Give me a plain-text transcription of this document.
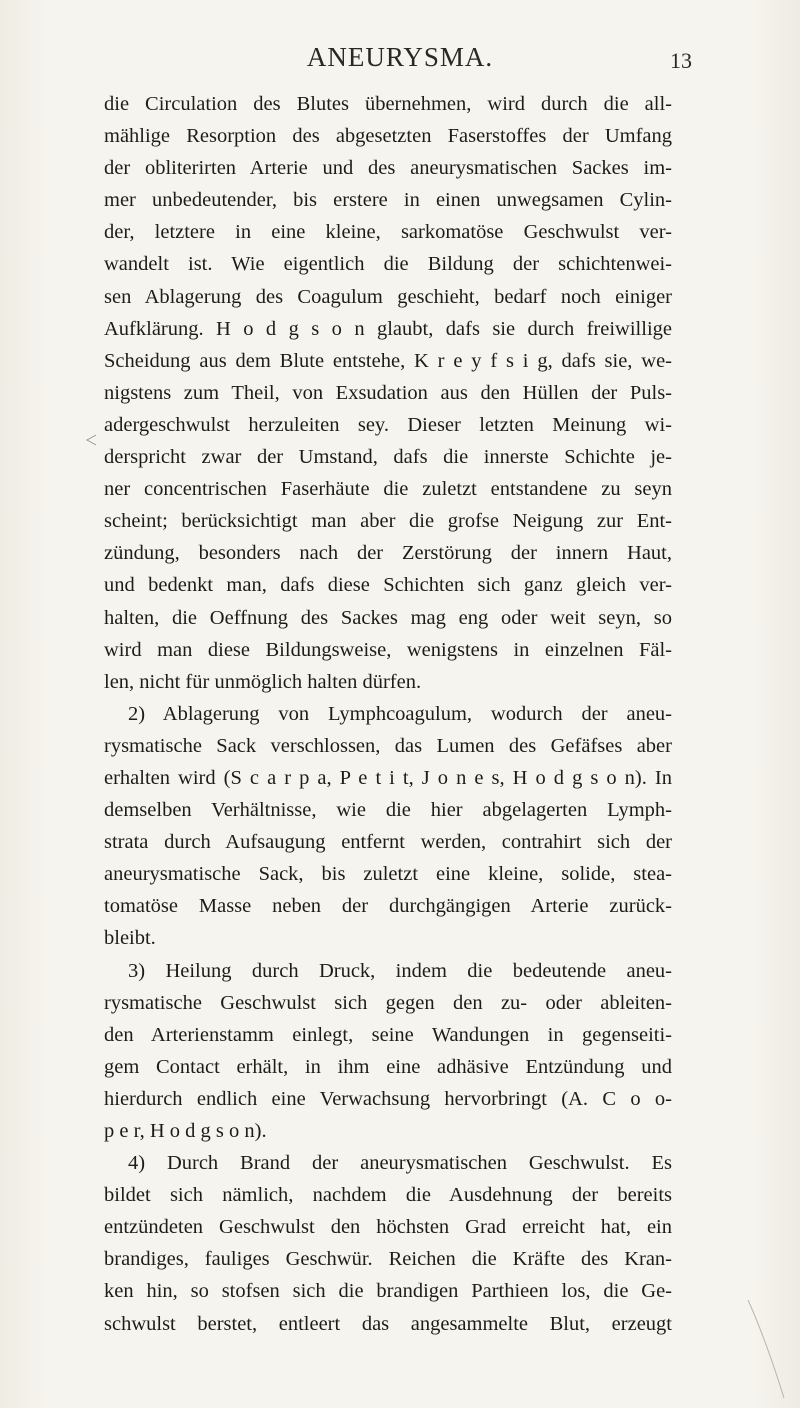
ANEURYSMA.	13
die Circulation des Blutes übernehmen, wird durch die all-
mählige Resorption des abgesetzten Faserstoffes der Umfang
der obliterirten Arterie und des aneurysmatischen Sackes im-
mer unbedeutender, bis erstere in einen unwegsamen Cylin-
der, letztere in eine kleine, sarkomatöse Geschwulst ver-
wandelt ist. Wie eigentlich die Bildung der schichtenwei-
sen Ablagerung des Coagulum geschieht, bedarf noch einiger
Aufklärung. H o d g s o n glaubt, dafs sie durch freiwillige
Scheidung aus dem Blute entstehe, K r e y f s i g, dafs sie, we-
nigstens zum Theil, von Exsudation aus den Hüllen der Puls-
adergeschwulst herzuleiten sey. Dieser letzten Meinung wi-
derspricht zwar der Umstand, dafs die innerste Schichte je-
ner concentrischen Faserhäute die zuletzt entstandene zu seyn
scheint; berücksichtigt man aber die grofse Neigung zur Ent-
zündung, besonders nach der Zerstörung der innern Haut,
und bedenkt man, dafs diese Schichten sich ganz gleich ver-
halten, die Oeffnung des Sackes mag eng oder weit seyn, so
wird man diese Bildungsweise, wenigstens in einzelnen Fäl-
len, nicht für unmöglich halten dürfen.
2) Ablagerung von Lymphcoagulum, wodurch der aneu-
rysmatische Sack verschlossen, das Lumen des Gefäfses aber
erhalten wird (S c a r p a, P e t i t, J o n e s, H o d g s o n). In
demselben Verhältnisse, wie die hier abgelagerten Lymph-
strata durch Aufsaugung entfernt werden, contrahirt sich der
aneurysmatische Sack, bis zuletzt eine kleine, solide, stea-
tomatöse Masse neben der durchgängigen Arterie zurück-
bleibt.
3) Heilung durch Druck, indem die bedeutende aneu-
rysmatische Geschwulst sich gegen den zu- oder ableiten-
den Arterienstamm einlegt, seine Wandungen in gegenseiti-
gem Contact erhält, in ihm eine adhäsive Entzündung und
hierdurch endlich eine Verwachsung hervorbringt (A. C o o-
p e r, H o d g s o n).
4) Durch Brand der aneurysmatischen Geschwulst. Es
bildet sich nämlich, nachdem die Ausdehnung der bereits
entzündeten Geschwulst den höchsten Grad erreicht hat, ein
brandiges, fauliges Geschwür. Reichen die Kräfte des Kran-
ken hin, so stofsen sich die brandigen Parthieen los, die Ge-
schwulst berstet, entleert das angesammelte Blut, erzeugt
